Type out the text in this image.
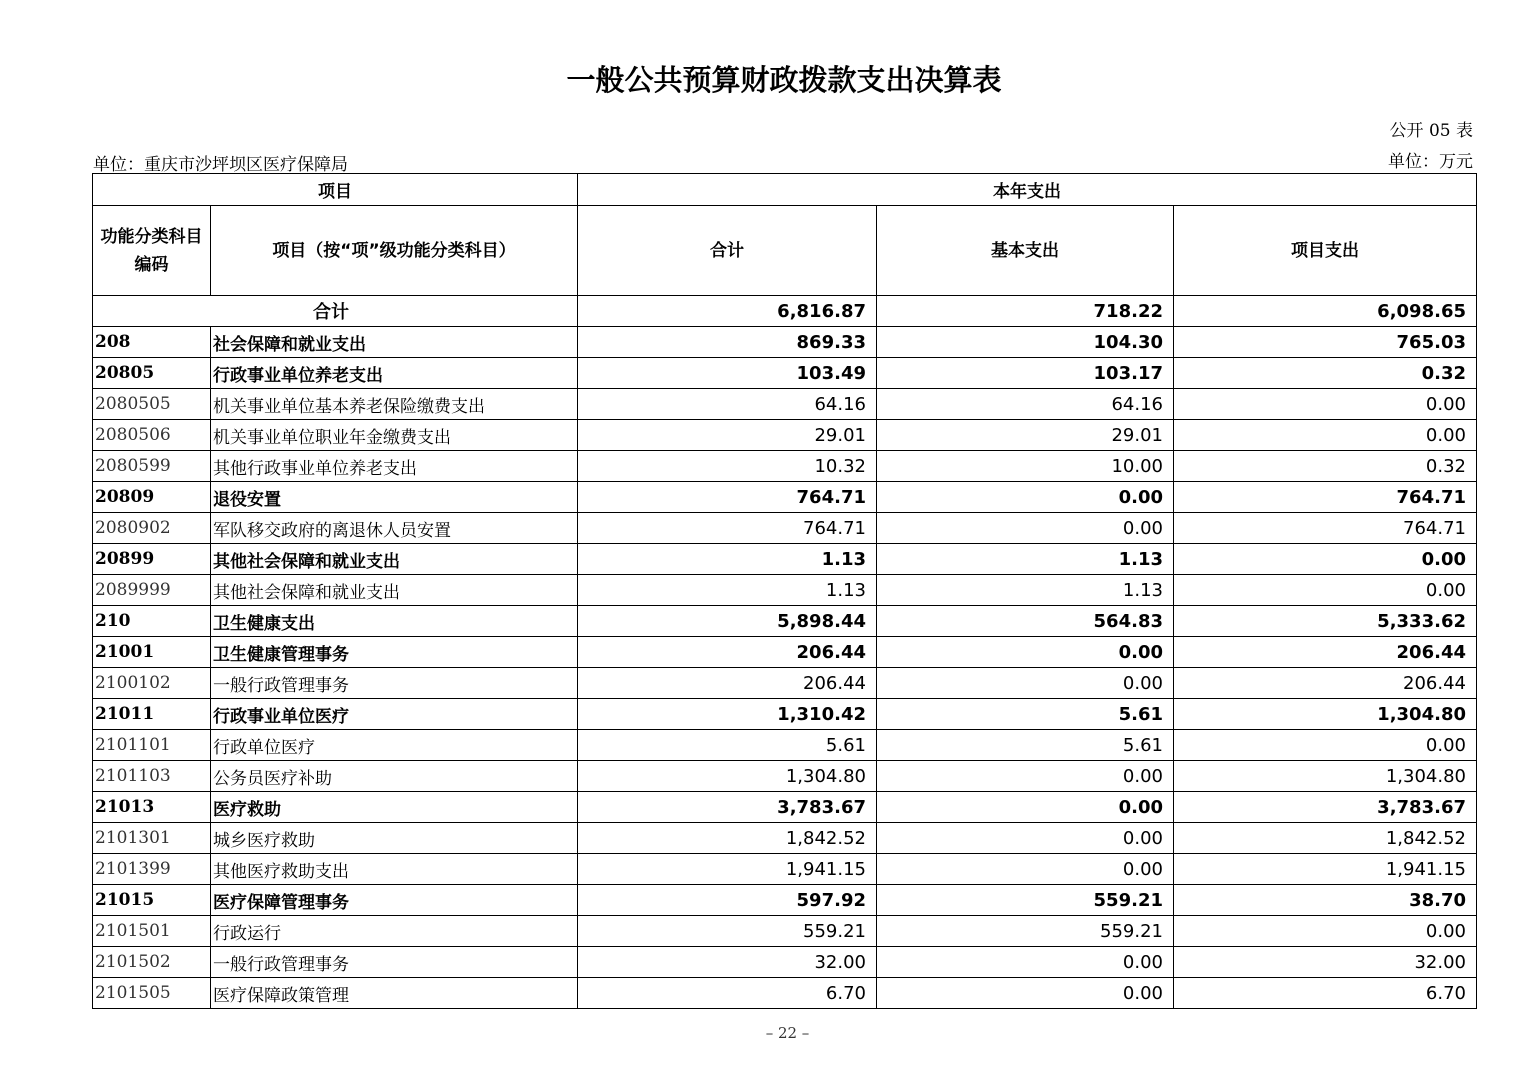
一般公共预算财政拨款支出决算表
公开 05 表
单位：重庆市沙坪坝区医疗保障局	单位：万元
项目		本年支出		
功能分类科目编码	项目（按“项”级功能分类科目）	合计	基本支出	项目支出
合计		6,816.87	718.22	6,098.65
208	社会保障和就业支出	869.33	104.30	765.03
20805	行政事业单位养老支出	103.49	103.17	0.32
2080505	机关事业单位基本养老保险缴费支出	64.16	64.16	0.00
2080506	机关事业单位职业年金缴费支出	29.01	29.01	0.00
2080599	其他行政事业单位养老支出	10.32	10.00	0.32
20809	退役安置	764.71	0.00	764.71
2080902	军队移交政府的离退休人员安置	764.71	0.00	764.71
20899	其他社会保障和就业支出	1.13	1.13	0.00
2089999	其他社会保障和就业支出	1.13	1.13	0.00
210	卫生健康支出	5,898.44	564.83	5,333.62
21001	卫生健康管理事务	206.44	0.00	206.44
2100102	一般行政管理事务	206.44	0.00	206.44
21011	行政事业单位医疗	1,310.42	5.61	1,304.80
2101101	行政单位医疗	5.61	5.61	0.00
2101103	公务员医疗补助	1,304.80	0.00	1,304.80
21013	医疗救助	3,783.67	0.00	3,783.67
2101301	城乡医疗救助	1,842.52	0.00	1,842.52
2101399	其他医疗救助支出	1,941.15	0.00	1,941.15
21015	医疗保障管理事务	597.92	559.21	38.70
2101501	行政运行	559.21	559.21	0.00
2101502	一般行政管理事务	32.00	0.00	32.00
2101505	医疗保障政策管理	6.70	0.00	6.70
– 22 –
